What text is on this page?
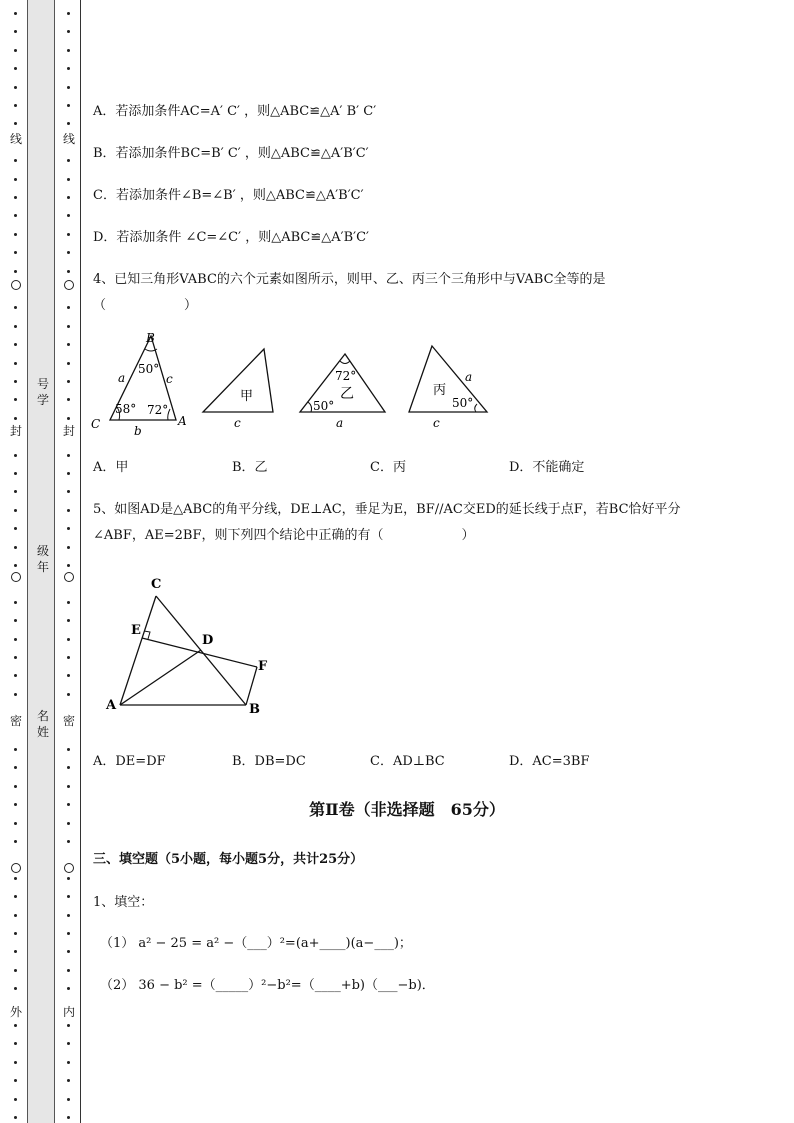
线
封
密
外
线
封
密
内
号学
级年
名姓
A．若添加条件AC=A′ C′ ，则△ABC≌△A′ B′ C′
B．若添加条件BC=B′ C′ ，则△ABC≌△A′B′C′
C．若添加条件∠B=∠B′ ，则△ABC≌△A′B′C′
D．若添加条件 ∠C=∠C′ ，则△ABC≌△A′B′C′
4、已知三角形VABC的六个元素如图所示，则甲、乙、丙三个三角形中与VABC全等的是
（　　　　　　）
B
C	A
a	c
b
50°
58° 72°
甲
c
72°
乙
50°
a
丙
a
50°
c
A．甲	B．乙	C．丙	D．不能确定
5、如图AD是△ABC的角平分线，DE⊥AC，垂足为E，BF//AC交ED的延长线于点F，若BC恰好平分
∠ABF，AE=2BF，则下列四个结论中正确的有（　　　　　　）
C
E
D
F
A	B
A．DE=DF	B．DB=DC	C．AD⊥BC	D．AC=3BF
第Ⅱ卷（非选择题　65分）
三、填空题（5小题，每小题5分，共计25分）
1、填空：
（1） a² − 25 = a² −（___）²=(a+____)(a−___)；
（2） 36 − b² =（_____）²−b²=（____+b)（___−b)．
